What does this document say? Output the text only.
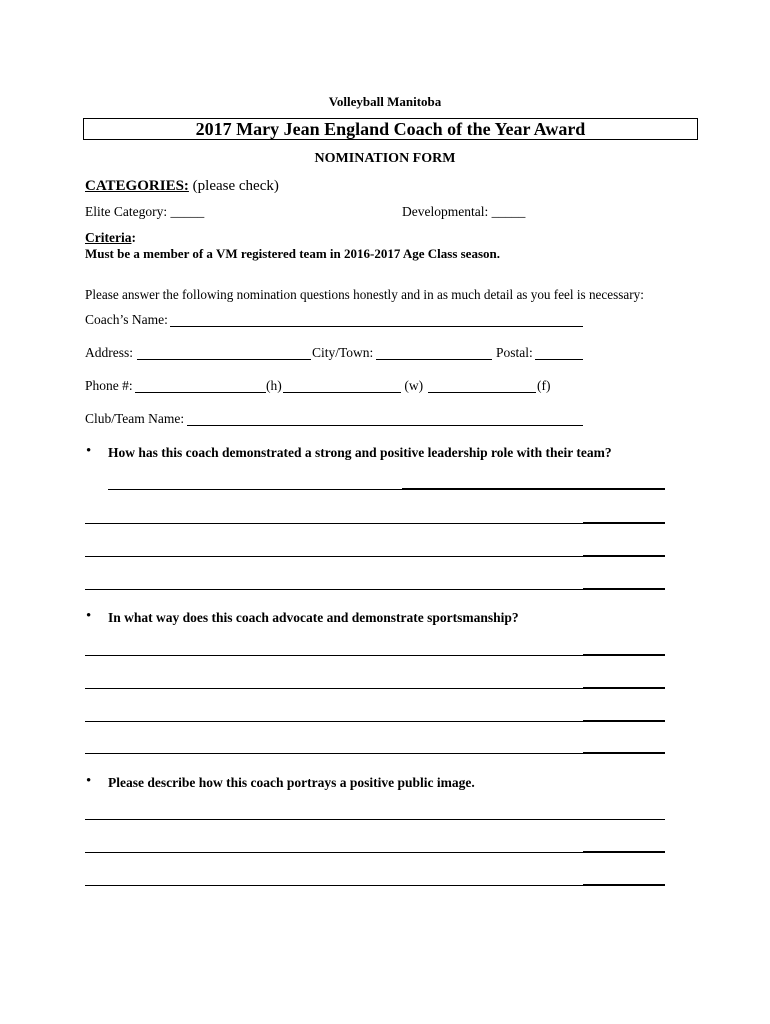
Volleyball Manitoba
2017 Mary Jean England Coach of the Year Award
NOMINATION FORM
CATEGORIES: (please check)
Elite Category: _____	Developmental: _____
Criteria:
Must be a member of a VM registered team in 2016-2017 Age Class season.
Please answer the following nomination questions honestly and in as much detail as you feel is necessary:
Coach’s Name:
Address:	City/Town:	Postal:
Phone #:	(h)	(w)	(f)
Club/Team Name:
• How has this coach demonstrated a strong and positive leadership role with their team?
• In what way does this coach advocate and demonstrate sportsmanship?
• Please describe how this coach portrays a positive public image.
